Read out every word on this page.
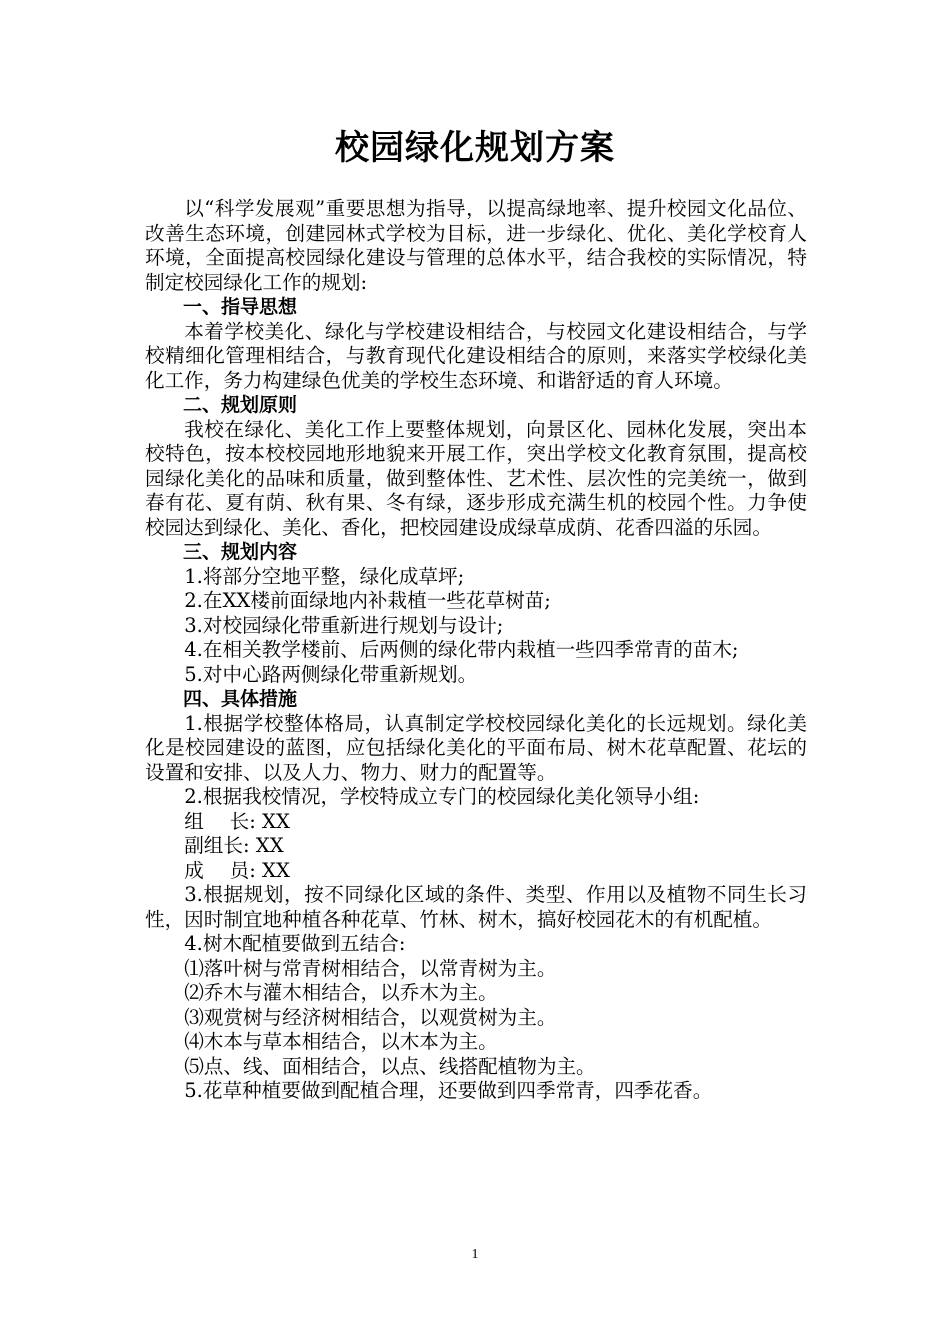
校园绿化规划方案

以“科学发展观”重要思想为指导，以提高绿地率、提升校园文化品位、改善生态环境，创建园林式学校为目标，进一步绿化、优化、美化学校育人环境，全面提高校园绿化建设与管理的总体水平，结合我校的实际情况，特制定校园绿化工作的规划:

一、指导思想

本着学校美化、绿化与学校建设相结合，与校园文化建设相结合，与学校精细化管理相结合，与教育现代化建设相结合的原则，来落实学校绿化美化工作，务力构建绿色优美的学校生态环境、和谐舒适的育人环境。

二、规划原则

我校在绿化、美化工作上要整体规划，向景区化、园林化发展，突出本校特色，按本校校园地形地貌来开展工作，突出学校文化教育氛围，提高校园绿化美化的品味和质量，做到整体性、艺术性、层次性的完美统一，做到春有花、夏有荫、秋有果、冬有绿，逐步形成充满生机的校园个性。力争使校园达到绿化、美化、香化，把校园建设成绿草成荫、花香四溢的乐园。

三、规划内容

1.将部分空地平整，绿化成草坪;

2.在XX楼前面绿地内补栽植一些花草树苗;

3.对校园绿化带重新进行规划与设计;

4.在相关教学楼前、后两侧的绿化带内栽植一些四季常青的苗木;

5.对中心路两侧绿化带重新规划。

四、具体措施

1.根据学校整体格局，认真制定学校校园绿化美化的长远规划。绿化美化是校园建设的蓝图，应包括绿化美化的平面布局、树木花草配置、花坛的设置和安排、以及人力、物力、财力的配置等。

2.根据我校情况，学校特成立专门的校园绿化美化领导小组:

组　 长: XX

副组长: XX

成　 员: XX

3.根据规划，按不同绿化区域的条件、类型、作用以及植物不同生长习性，因时制宜地种植各种花草、竹林、树木，搞好校园花木的有机配植。

4.树木配植要做到五结合:

⑴落叶树与常青树相结合，以常青树为主。

⑵乔木与灌木相结合，以乔木为主。

⑶观赏树与经济树相结合，以观赏树为主。

⑷木本与草本相结合，以木本为主。

⑸点、线、面相结合，以点、线搭配植物为主。

5.花草种植要做到配植合理，还要做到四季常青，四季花香。

1
